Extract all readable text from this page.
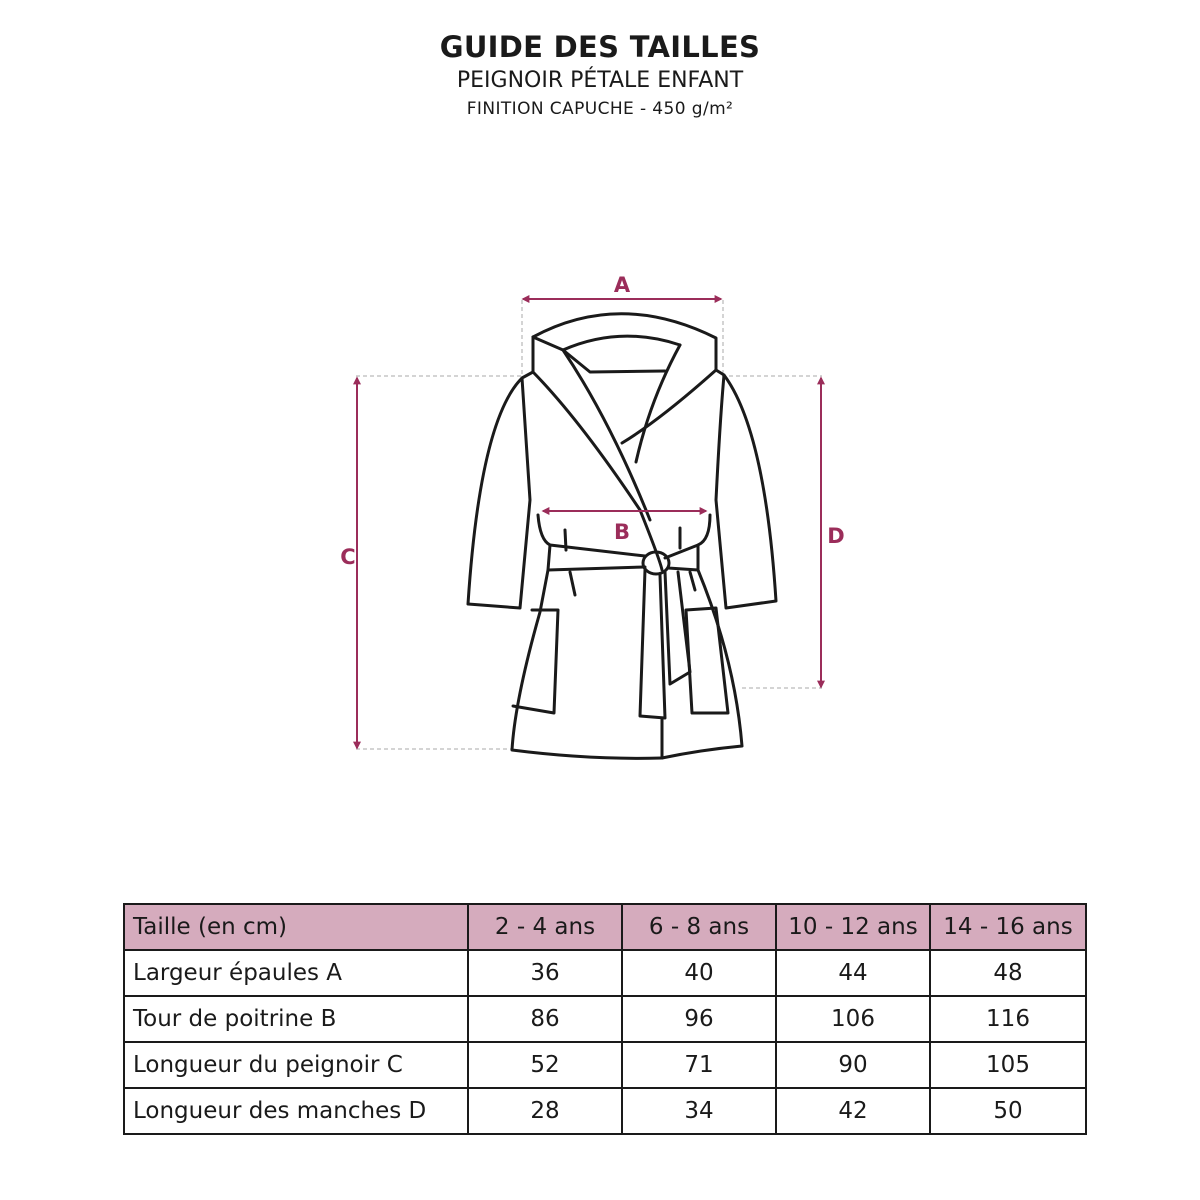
GUIDE DES TAILLES
PEIGNOIR PÉTALE ENFANT
FINITION CAPUCHE - 450 g/m²
A
B
C
D
Taille (en cm)	2 - 4 ans	6 - 8 ans	10 - 12 ans	14 - 16 ans
Largeur épaules A	36	40	44	48
Tour de poitrine B	86	96	106	116
Longueur du peignoir C	52	71	90	105
Longueur des manches D	28	34	42	50
